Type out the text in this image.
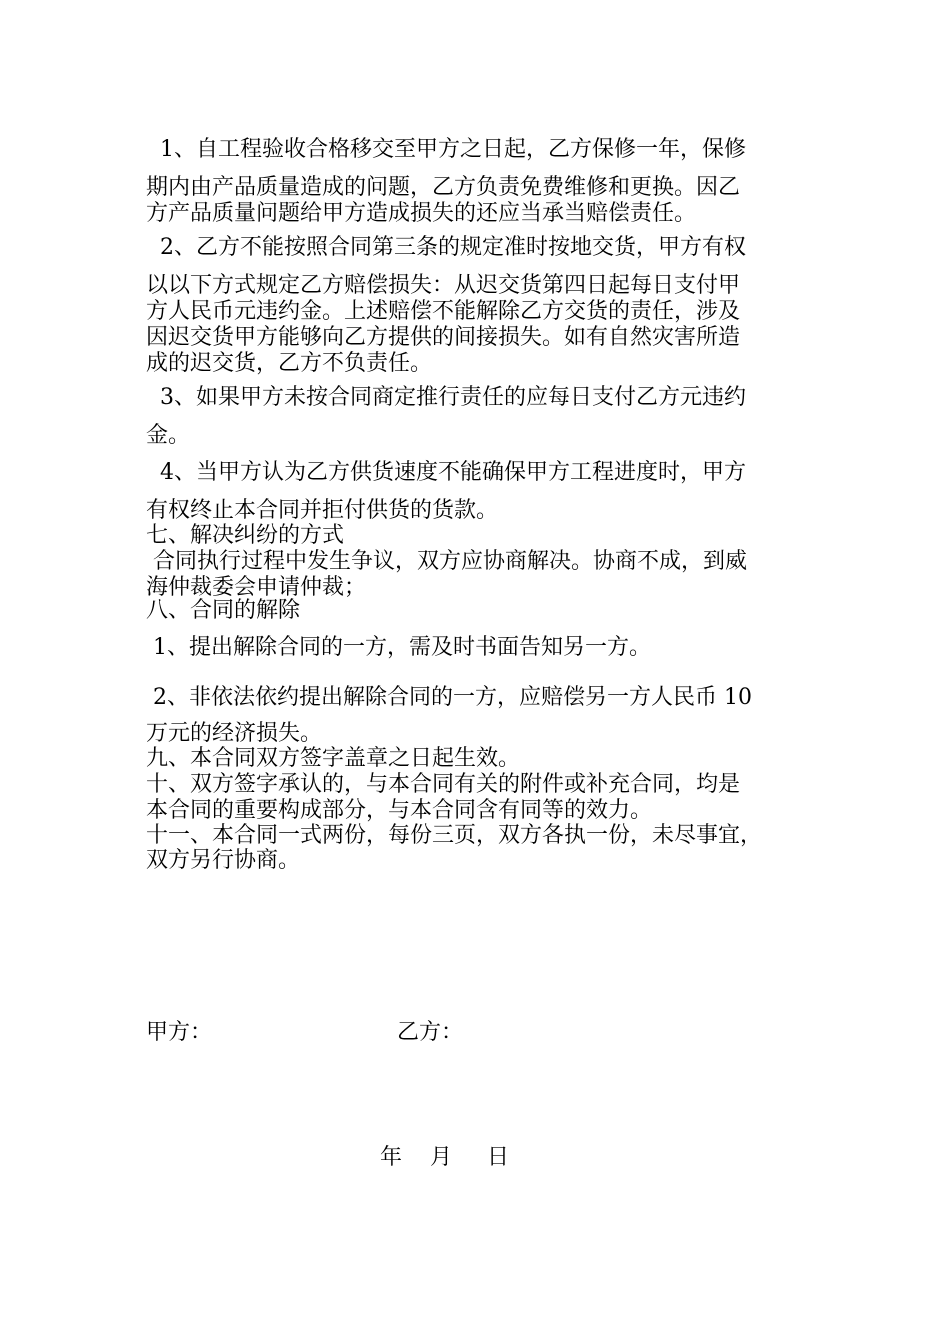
1、自工程验收合格移交至甲方之日起，乙方保修一年，保修
期内由产品质量造成的问题，乙方负责免费维修和更换。因乙
方产品质量问题给甲方造成损失的还应当承当赔偿责任。
2、乙方不能按照合同第三条的规定准时按地交货，甲方有权
以以下方式规定乙方赔偿损失：从迟交货第四日起每日支付甲
方人民币元违约金。上述赔偿不能解除乙方交货的责任，涉及
因迟交货甲方能够向乙方提供的间接损失。如有自然灾害所造
成的迟交货，乙方不负责任。
3、如果甲方未按合同商定推行责任的应每日支付乙方元违约
金。
4、当甲方认为乙方供货速度不能确保甲方工程进度时，甲方
有权终止本合同并拒付供货的货款。
七、解决纠纷的方式
合同执行过程中发生争议，双方应协商解决。协商不成，到威
海仲裁委会申请仲裁；
八、合同的解除
1、提出解除合同的一方，需及时书面告知另一方。
2、非依法依约提出解除合同的一方，应赔偿另一方人民币 10
万元的经济损失。
九、本合同双方签字盖章之日起生效。
十、双方签字承认的，与本合同有关的附件或补充合同，均是
本合同的重要构成部分，与本合同含有同等的效力。
十一、本合同一式两份，每份三页，双方各执一份，未尽事宜，
双方另行协商。
甲方：	乙方：
年    月     日
